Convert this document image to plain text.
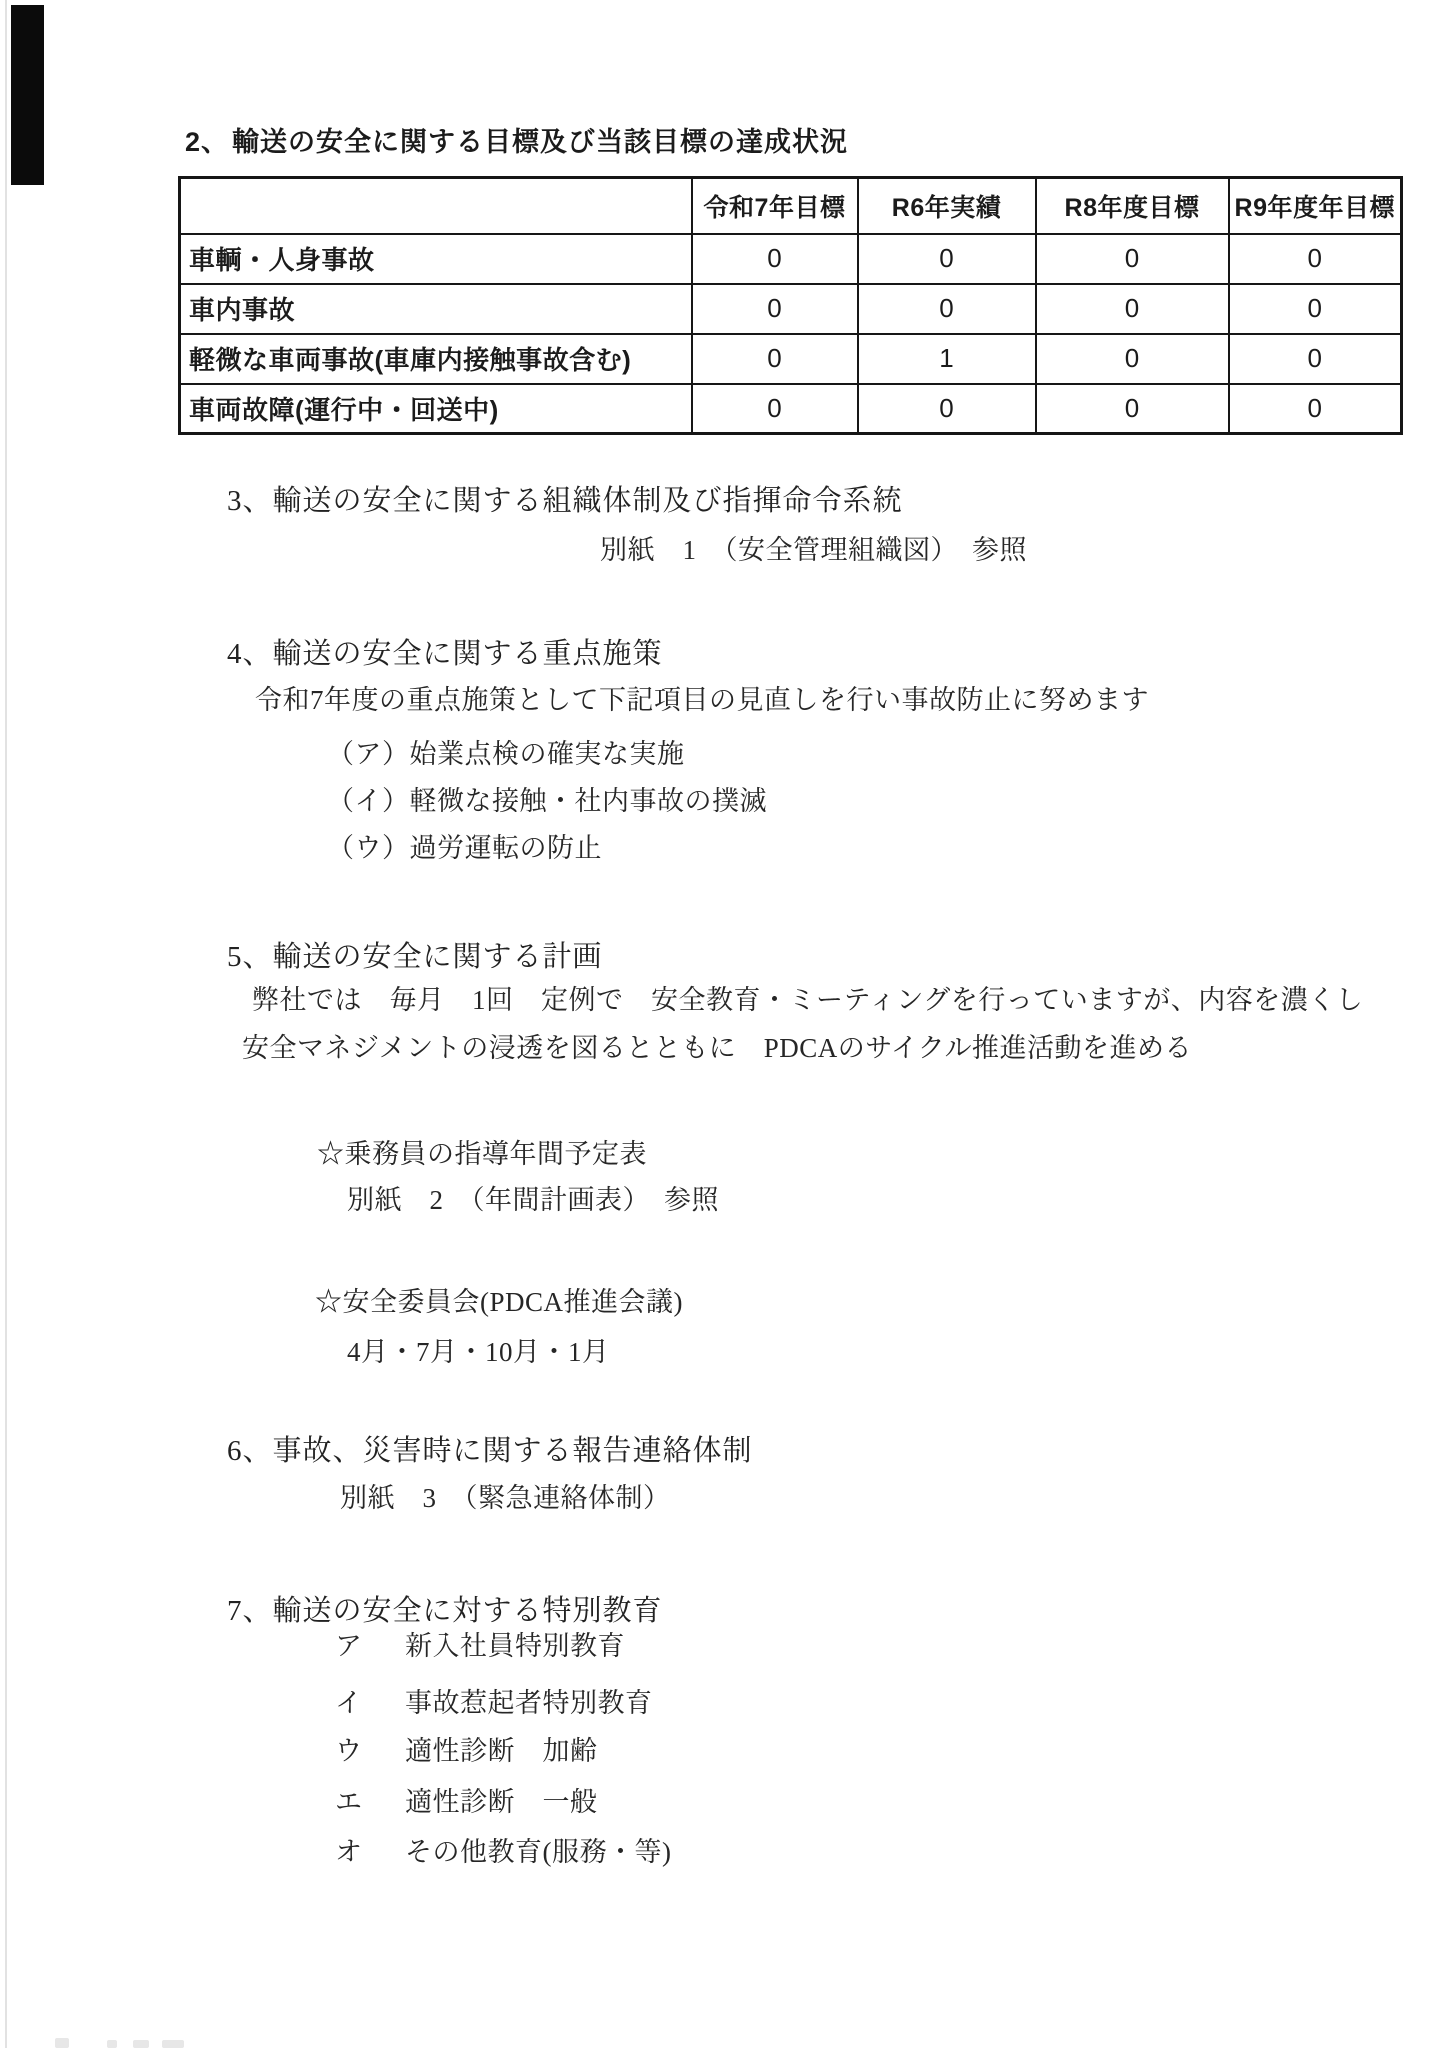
2、 輸送の安全に関する目標及び当該目標の達成状況
	令和7年目標	R6年実績	R8年度目標	R9年度年目標
車輌・人身事故	0	0	0	0
車内事故	0	0	0	0
軽微な車両事故(車庫内接触事故含む)	0	1	0	0
車両故障(運行中・回送中)	0	0	0	0
3、輸送の安全に関する組織体制及び指揮命令系統
別紙　1　（安全管理組織図）　参照
4、輸送の安全に関する重点施策
令和7年度の重点施策として下記項目の見直しを行い事故防止に努めます
（ア）始業点検の確実な実施
（イ）軽微な接触・社内事故の撲滅
（ウ）過労運転の防止
5、輸送の安全に関する計画
弊社では　毎月　1回　定例で　安全教育・ミーティングを行っていますが、内容を濃くし
安全マネジメントの浸透を図るとともに　PDCAのサイクル推進活動を進める
☆乗務員の指導年間予定表
別紙　2　（年間計画表）　参照
☆安全委員会(PDCA推進会議)
4月・7月・10月・1月
6、事故、災害時に関する報告連絡体制
別紙　3　（緊急連絡体制）
7、輸送の安全に対する特別教育
ア 新入社員特別教育
イ 事故惹起者特別教育
ウ 適性診断　加齢
エ 適性診断　一般
オ その他教育(服務・等)
